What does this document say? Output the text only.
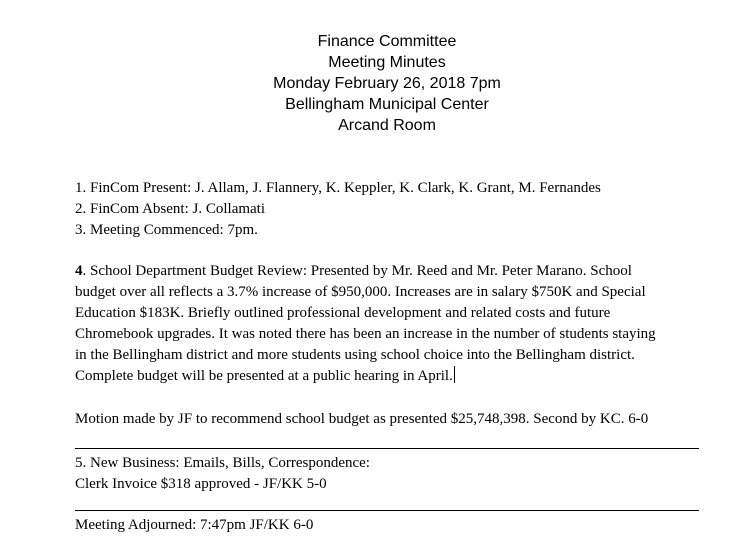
Finance Committee
Meeting Minutes
Monday February 26, 2018 7pm
Bellingham Municipal Center
Arcand Room
1. FinCom Present: J. Allam, J. Flannery, K. Keppler, K. Clark, K. Grant, M. Fernandes
2. FinCom Absent: J. Collamati
3. Meeting Commenced: 7pm.
4. School Department Budget Review: Presented by Mr. Reed and Mr. Peter Marano. School
budget over all reflects a 3.7% increase of $950,000. Increases are in salary $750K and Special
Education $183K. Briefly outlined professional development and related costs and future
Chromebook upgrades. It was noted there has been an increase in the number of students staying
in the Bellingham district and more students using school choice into the Bellingham district.
Complete budget will be presented at a public hearing in April.
Motion made by JF to recommend school budget as presented $25,748,398. Second by KC. 6-0
5. New Business: Emails, Bills, Correspondence:
Clerk Invoice $318 approved - JF/KK 5-0
Meeting Adjourned: 7:47pm JF/KK 6-0
